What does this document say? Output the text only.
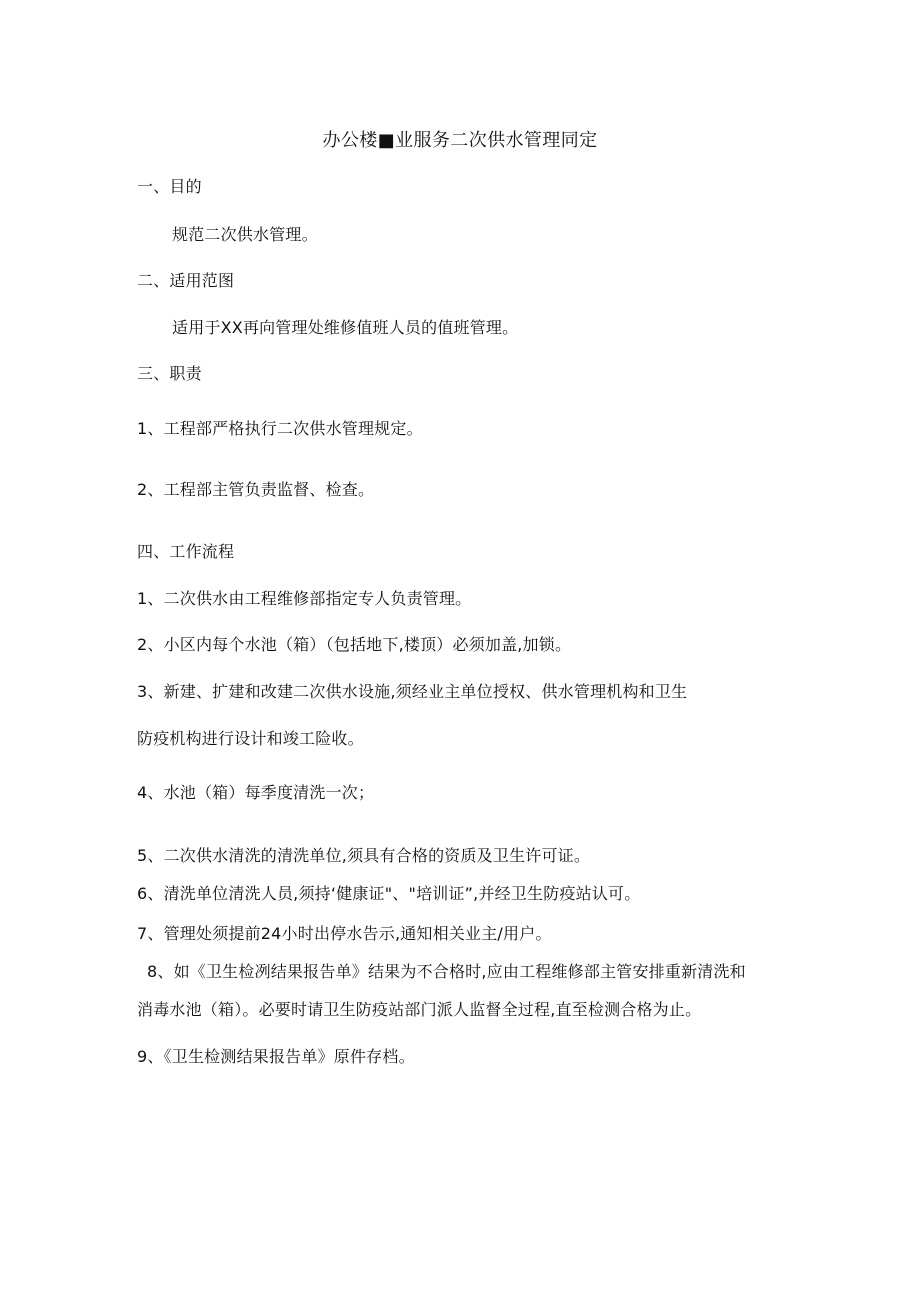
办公楼■业服务二次供水管理同定
一、目的
规范二次供水管理。
二、适用范图
适用于XX再向管理处维修值班人员的值班管理。
三、职责
1、工程部严格执行二次供水管理规定。
2、工程部主管负责监督、检查。
四、工作流程
1、二次供水由工程维修部指定专人负责管理。
2、小区内每个水池（箱）（包括地下,楼顶）必须加盖,加锁。
3、新建、扩建和改建二次供水设施,须经业主单位授权、供水管理机构和卫生
防疫机构进行设计和竣工险收。
4、水池（箱）每季度清洗一次；
5、二次供水清洗的清洗单位,须具有合格的资质及卫生许可证。
6、清洗单位清洗人员,须持‘健康证"、"培训证”,并经卫生防疫站认可。
7、管理处须提前24小时出停水告示,通知相关业主/用户。
8、如《卫生检冽结果报告单》结果为不合格时,应由工程维修部主管安排重新清洗和
消毒水池（箱）。必要时请卫生防疫站部门派人监督全过程,直至检测合格为止。
9、《卫生检测结果报告单》原件存档。
